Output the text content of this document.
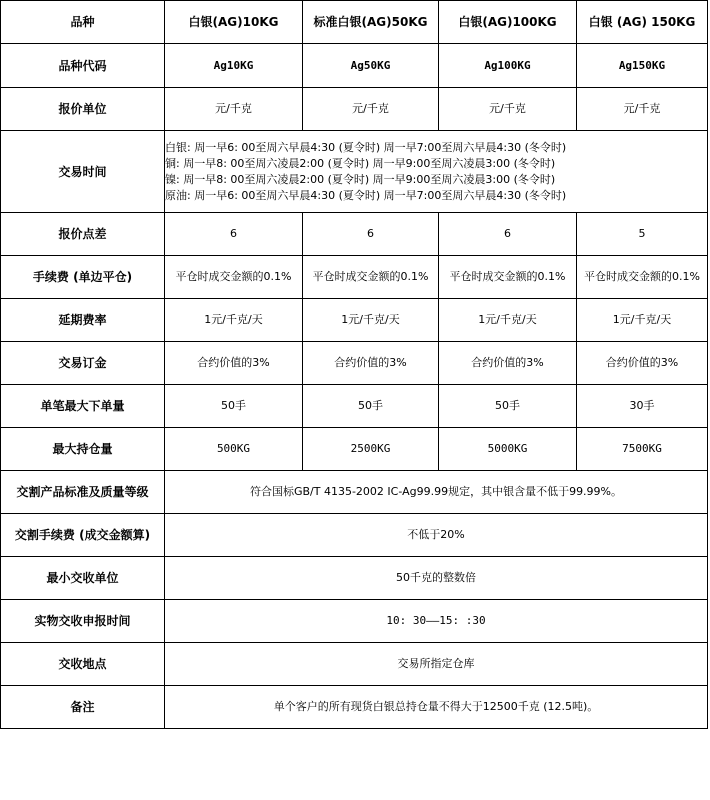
品种	白银(AG)10KG	标准白银(AG)50KG	白银(AG)100KG	白银 (AG) 150KG
品种代码	Ag10KG	Ag50KG	Ag100KG	Ag150KG
报价单位	元/千克	元/千克	元/千克	元/千克
交易时间	白银: 周一早6: 00至周六早晨4:30 (夏令时) 周一早7:00至周六早晨4:30 (冬令时)
铜: 周一早8: 00至周六凌晨2:00 (夏令时) 周一早9:00至周六凌晨3:00 (冬令时)
镍: 周一早8: 00至周六凌晨2:00 (夏令时) 周一早9:00至周六凌晨3:00 (冬令时)
原油: 周一早6: 00至周六早晨4:30 (夏令时) 周一早7:00至周六早晨4:30 (冬令时)			

报价点差	6	6	6	5
手续费 (单边平仓)	平仓时成交金额的0.1%	平仓时成交金额的0.1%	平仓时成交金额的0.1%	平仓时成交金额的0.1%
延期费率	1元/千克/天	1元/千克/天	1元/千克/天	1元/千克/天
交易订金	合约价值的3%	合约价值的3%	合约价值的3%	合约价值的3%
单笔最大下单量	50手	50手	50手	30手
最大持仓量	500KG	2500KG	5000KG	7500KG
交割产品标准及质量等级	符合国标GB/T 4135-2002 IC-Ag99.99规定，其中银含量不低于99.99%。			
交割手续费 (成交金额算)	不低于20%			
最小交收单位	50千克的整数倍			
实物交收申报时间	10: 30——15: :30			
交收地点	交易所指定仓库			
备注	单个客户的所有现货白银总持仓量不得大于12500千克 (12.5吨)。			
